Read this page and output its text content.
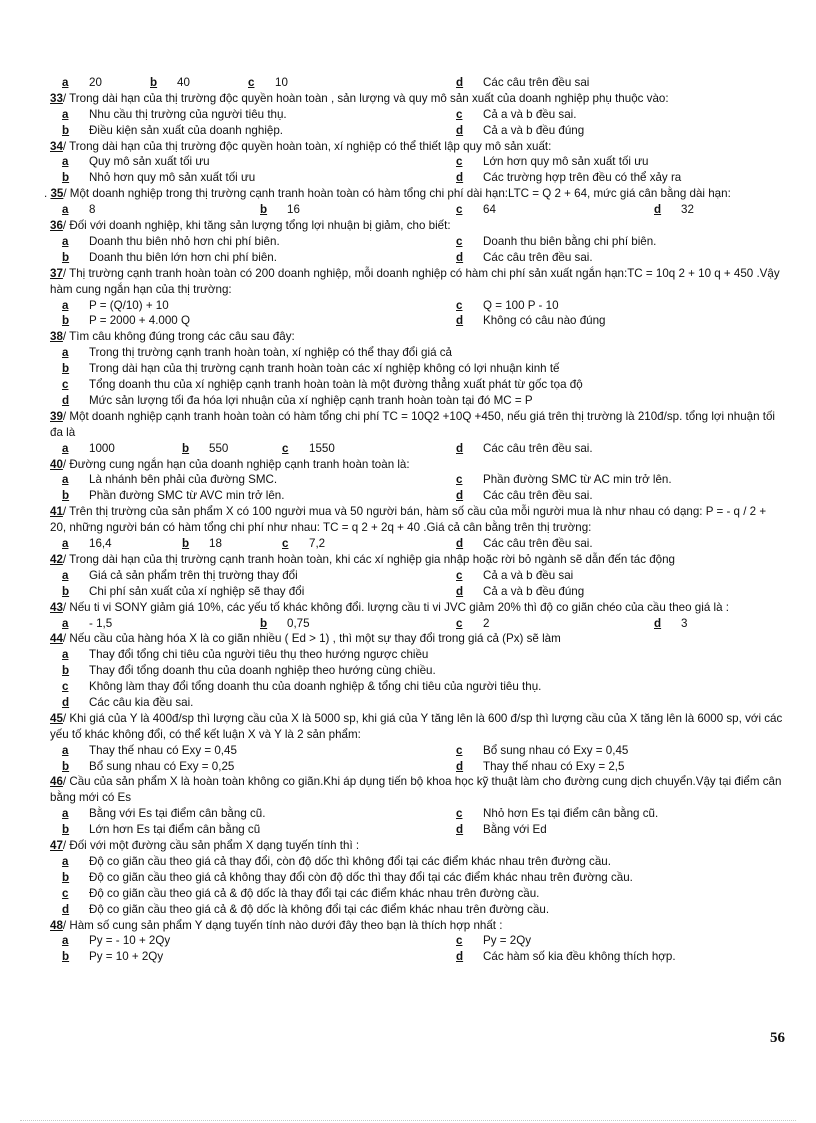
a 20	b 40	c 10	d Các câu trên đều sai
33/ Trong dài hạn của thị trường độc quyền hoàn toàn , sản lượng và quy mô sản xuất của doanh nghiệp phụ thuộc vào:
a Nhu cầu thị trường của người tiêu thụ.	c Cả a và b đều sai.
b Điều kiện sản xuất của doanh nghiệp.	d Cả a và b đều đúng
34/ Trong dài hạn của thị trường độc quyền hoàn toàn, xí nghiệp có thể thiết lập quy mô sản xuất:
a Quy mô sản xuất tối ưu	c Lớn hơn quy mô sản xuất tối ưu
b Nhỏ hơn quy mô sản xuất tối ưu	d Các trường hợp trên đều có thể xảy ra
. 35/ Một doanh nghiệp trong thị trường cạnh tranh hoàn toàn có hàm tổng chi phí dài hạn:LTC = Q 2 + 64, mức giá cân bằng dài hạn:
a 8	b 16	c 64	d 32
36/ Đối với doanh nghiệp, khi tăng sản lượng tổng lợi nhuận bị giảm, cho biết:
a Doanh thu biên nhỏ hơn chi phí biên.	c Doanh thu biên bằng chi phí biên.
b Doanh thu biên lớn hơn chi phí biên.	d Các câu trên đều sai.
37/ Thị trường cạnh tranh hoàn toàn có 200 doanh nghiệp, mỗi doanh nghiệp có hàm chi phí sản xuất ngắn hạn:TC = 10q 2 + 10 q + 450 .Vậy hàm cung ngắn hạn của thị trường:
a P = (Q/10) + 10	c Q = 100 P - 10
b P = 2000 + 4.000 Q	d Không có câu nào đúng
38/ Tìm câu không đúng trong các câu sau đây:
a Trong thị trường cạnh tranh hoàn toàn, xí nghiệp có thể thay đổi giá cả
b Trong dài hạn của thị trường cạnh tranh hoàn toàn các xí nghiệp không có lợi nhuận kinh tế
c Tổng doanh thu của xí nghiệp cạnh tranh hoàn toàn là một đường thẳng xuất phát từ gốc tọa độ
d Mức sản lượng tối đa hóa lợi nhuận của xí nghiệp cạnh tranh hoàn toàn tại đó MC = P
39/ Một doanh nghiệp cạnh tranh hoàn toàn có hàm tổng chi phí TC = 10Q2 +10Q +450, nếu giá trên thị trường là 210đ/sp. tổng lợi nhuận tối đa là
a 1000	b 550	c 1550	d Các câu trên đều sai.
40/ Đường cung ngắn hạn của doanh nghiệp cạnh tranh hoàn toàn là:
a Là nhánh bên phải của đường SMC.	c Phần đường SMC từ AC min trở lên.
b Phần đường SMC từ AVC min trở lên.	d Các câu trên đều sai.
41/ Trên thị trường của sản phẩm X có 100 người mua và 50 người bán, hàm số cầu của mỗi người mua là như nhau có dạng: P = - q / 2 + 20, những người bán có hàm tổng chi phí như nhau: TC = q 2 + 2q + 40 .Giá cả cân bằng trên thị trường:
a 16,4	b 18	c 7,2	d Các câu trên đều sai.
42/ Trong dài hạn của thị trường cạnh tranh hoàn toàn, khi các xí nghiệp gia nhập hoặc rời bỏ ngành sẽ dẫn đến tác động
a Giá cả sản phẩm trên thị trường thay đổi	c Cả a và b đều sai
b Chi phí sản xuất của xí nghiệp sẽ thay đổi	d Cả a và b đều đúng
43/ Nếu ti vi SONY giảm giá 10%, các yếu tố khác không đổi. lượng cầu ti vi JVC giảm 20% thì độ co giãn chéo của cầu theo giá là :
a - 1,5	b 0,75	c 2	d 3
44/ Nếu cầu của hàng hóa X là co giãn nhiều ( Ed > 1) , thì một sự thay đổi trong giá cả (Px) sẽ làm
a Thay đổi tổng chi tiêu của người tiêu thụ theo hướng ngược chiều
b Thay đổi tổng doanh thu của doanh nghiệp theo hướng cùng chiều.
c Không làm thay đổi tổng doanh thu của doanh nghiệp & tổng chi tiêu của người tiêu thụ.
d Các câu kia đều sai.
45/ Khi giá của Y là 400đ/sp thì lượng cầu của X là 5000 sp, khi giá của Y tăng lên là 600 đ/sp thì lượng cầu của X tăng lên là 6000 sp, với các yếu tố khác không đổi, có thể kết luận X và Y là 2 sản phẩm:
a Thay thế nhau có Exy = 0,45	c Bổ sung nhau có Exy = 0,45
b Bổ sung nhau có Exy = 0,25	d Thay thế nhau có Exy = 2,5
46/ Cầu của sản phẩm X là hoàn toàn không co giãn.Khi áp dụng tiến bộ khoa học kỹ thuật làm cho đường cung dịch chuyển.Vậy tại điểm cân bằng mới có Es
a Bằng với Es tại điểm cân bằng cũ.	c Nhỏ hơn Es tại điểm cân bằng cũ.
b Lớn hơn Es tại điểm cân bằng cũ	d Bằng với Ed
47/ Đối với một đường cầu sản phẩm X dạng tuyến tính thì :
a Độ co giãn cầu theo giá cả thay đổi, còn độ dốc thì không đổi tại các điểm khác nhau trên đường cầu.
b Độ co giãn cầu theo giá cả không thay đổi còn độ dốc thì thay đổi tại các điểm khác nhau trên đường cầu.
c Độ co giãn cầu theo giá cả & độ dốc là thay đổi tại các điểm khác nhau trên đường cầu.
d Độ co giãn cầu theo giá cả & độ dốc là không đổi tại các điểm khác nhau trên đường cầu.
48/ Hàm số cung sản phẩm Y dạng tuyến tính nào dưới đây theo bạn là thích hợp nhất :
a Py = - 10 + 2Qy	c Py = 2Qy
b Py = 10 + 2Qy	d Các hàm số kia đều không thích hợp.
56
